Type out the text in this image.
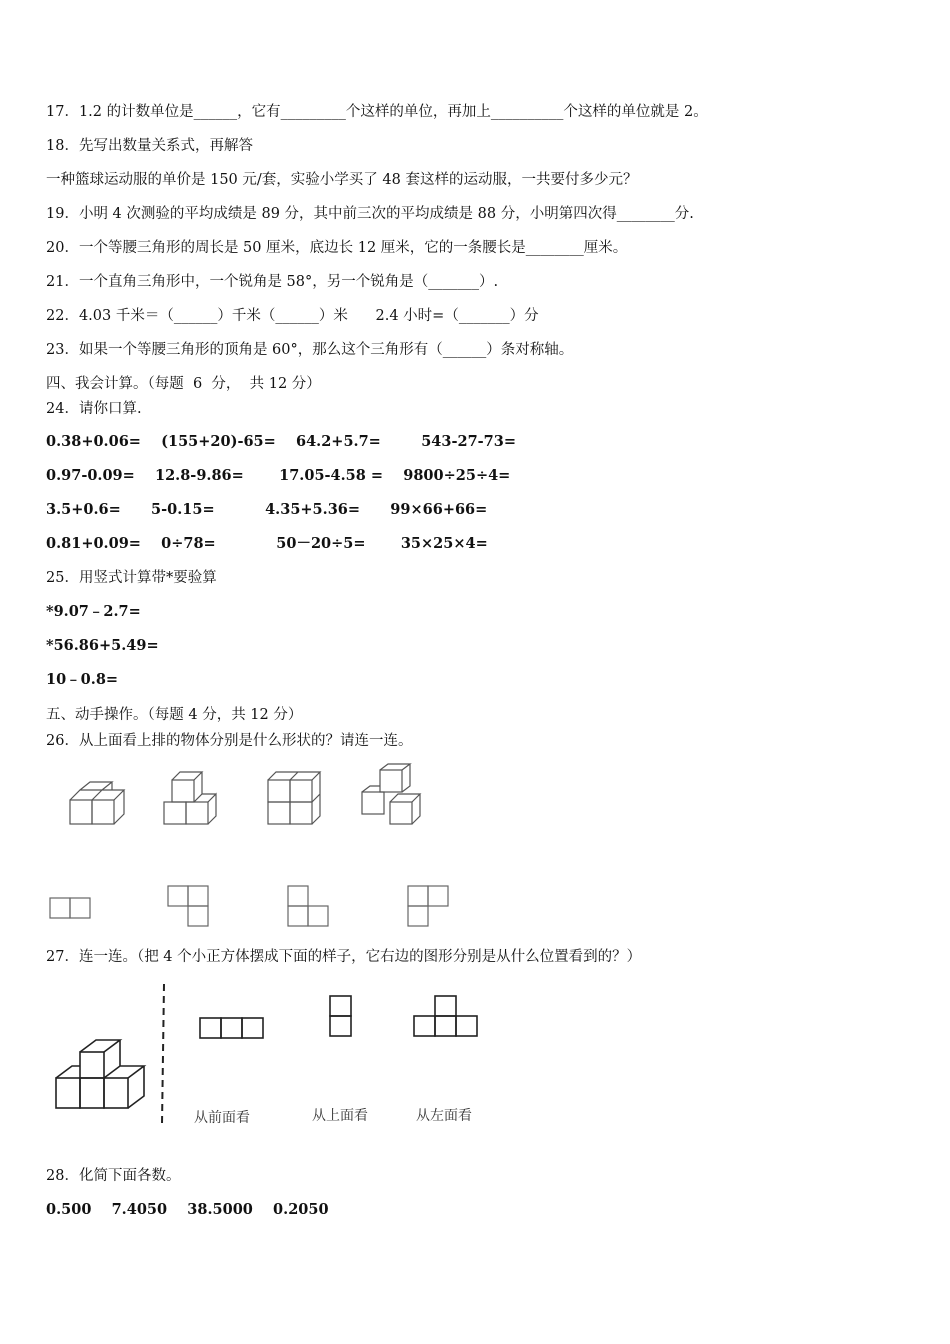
17．1.2 的计数单位是______，它有_________个这样的单位，再加上__________个这样的单位就是 2。
18．先写出数量关系式，再解答
一种篮球运动服的单价是 150 元/套，实验小学买了 48 套这样的运动服，一共要付多少元？
19．小明 4 次测验的平均成绩是 89 分，其中前三次的平均成绩是 88 分，小明第四次得________分.
20．一个等腰三角形的周长是 50 厘米，底边长 12 厘米，它的一条腰长是________厘米。
21．一个直角三角形中，一个锐角是 58°，另一个锐角是（_______）.
22．4.03 千米＝（______）千米（______）米      2.4 小时=（_______）分
23．如果一个等腰三角形的顶角是 60°，那么这个三角形有（______）条对称轴。
四、我会计算。（每题  6  分，  共 12 分）
24．请你口算.
0.38+0.06=    (155+20)-65=    64.2+5.7=        543-27-73=
0.97-0.09=    12.8-9.86=       17.05-4.58 =    9800÷25÷4=
3.5+0.6=      5-0.15=          4.35+5.36=      99×66+66=
0.81+0.09=    0÷78=            50－20÷5=       35×25×4=
25．用竖式计算带*要验算
*9.07﹣2.7=
*56.86+5.49=
10﹣0.8=
五、动手操作。（每题 4 分，共 12 分）
26．从上面看上排的物体分别是什么形状的？请连一连。
27．连一连。（把 4 个小正方体摆成下面的样子，它右边的图形分别是从什么位置看到的？）
从前面看	从上面看	从左面看
28．化简下面各数。
0.500    7.4050    38.5000    0.2050
